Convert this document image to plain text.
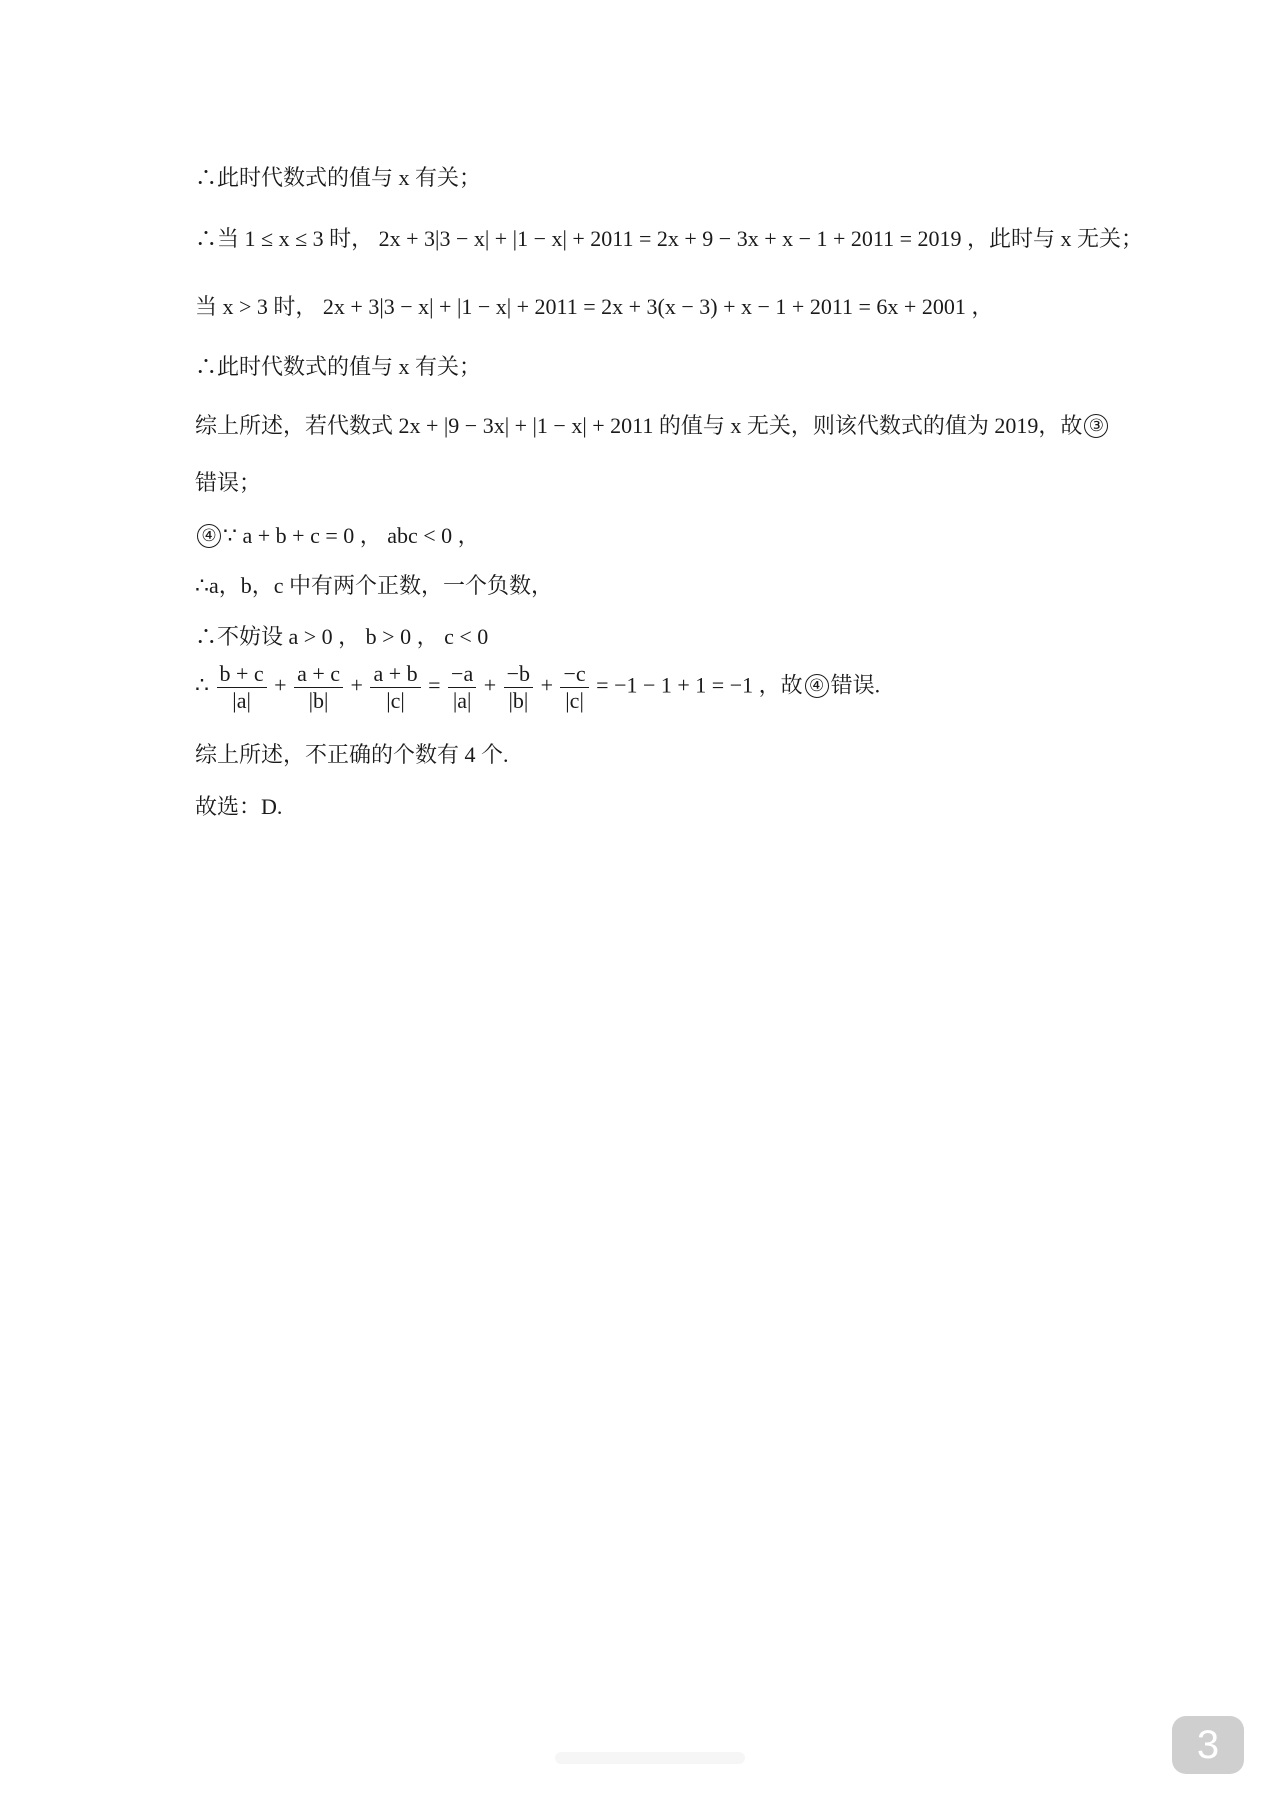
∴此时代数式的值与 x 有关；
∴当 1 ≤ x ≤ 3 时， 2x + 3|3 − x| + |1 − x| + 2011 = 2x + 9 − 3x + x − 1 + 2011 = 2019 ，此时与 x 无关；
当 x > 3 时， 2x + 3|3 − x| + |1 − x| + 2011 = 2x + 3(x − 3) + x − 1 + 2011 = 6x + 2001 ，
∴此时代数式的值与 x 有关；
综上所述，若代数式 2x + |9 − 3x| + |1 − x| + 2011 的值与 x 无关，则该代数式的值为 2019，故 ③
错误；
④ ∵ a + b + c = 0 ， abc < 0 ，
∴a，b，c 中有两个正数，一个负数，
∴不妨设 a > 0 ， b > 0 ， c < 0
∴ $\frac{b + c}{|a|} + \frac{a + c}{|b|} + \frac{a + b}{|c|} = \frac{-a}{|a|} + \frac{-b}{|b|} + \frac{-c}{|c|} = -1 - 1 + 1 = -1$ ，故 ④ 错误.
综上所述，不正确的个数有 4 个.
故选：D.
3
